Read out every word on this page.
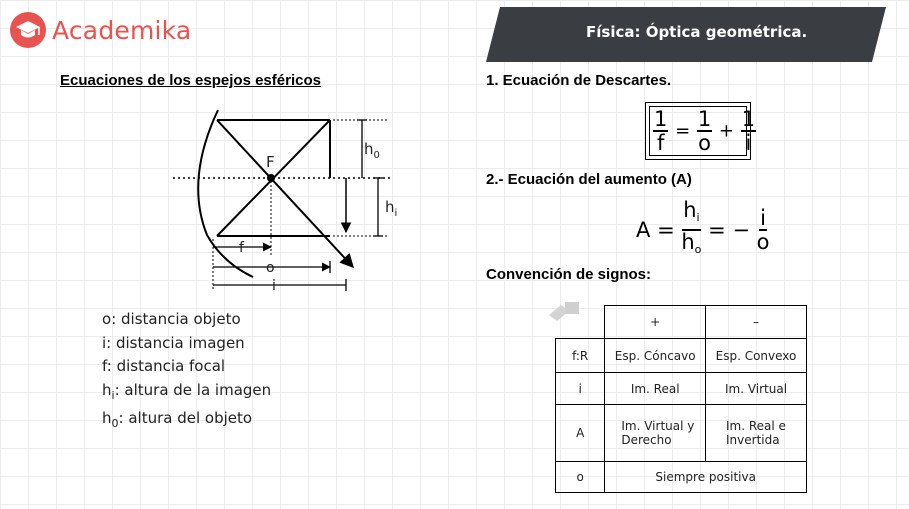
Academika	Física: Óptica geométrica.
Ecuaciones de los espejos esféricos
F
$h_0$
$h_i$
f
o
i
o: distancia objeto
i: distancia imagen
f: distancia focal
$h_i$: altura de la imagen
$h_0$: altura del objeto
1. Ecuación de Descartes.
$\frac{1}{f} = \frac{1}{o} + \frac{1}{i}$
2.- Ecuación del aumento (A)
$A = \frac{h_i}{h_o}$ = − $\frac{i}{o}$
Convención de signos:
	+	–
f:R	Esp. Cóncavo	Esp. Convexo
i	Im. Real	Im. Virtual
A	Im. Virtual y Derecho	Im. Real e Invertida
o	Siempre positiva	
